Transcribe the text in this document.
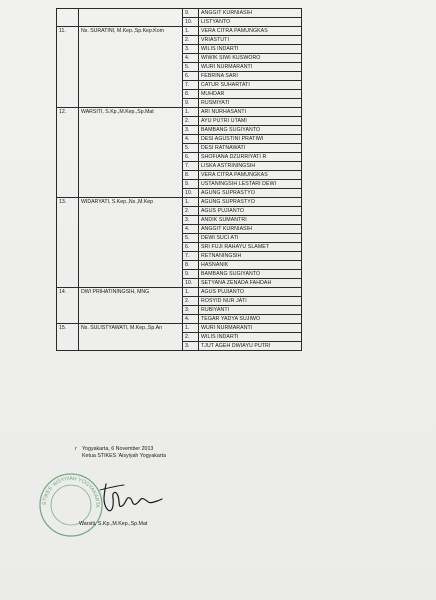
		9.	ANGGIT KURNIASIH
		10.	LISTYANTO
11.	Ns. SURATINI, M.Kep.,Sp.Kep.Kom	1.	VERA CITRA PAMUNGKAS
		2.	VRIASTUTI
		3.	WILIS INDARTI
		4.	WIWIK SIWI KUSWORO
		5.	WURI NURMARANTI
		6.	FEBRINA SARI
		7.	CATUR SUHARTATI
		8.	MUHDAR
		9.	RUSMIYATI
12.	WARSITI, S.Kp.,M.Kep.,Sp.Mat	1.	ARI NURHASANTI
		2.	AYU PUTRI UTAMI
		3.	BAMBANG SUGIYANTO
		4.	DESI AGUSTINI PRATIWI
		5.	DESI RATNAWATI
		6.	SHOFIANA DZURRIYATI R
		7.	LISKA ASTRININGSIH
		8.	VERA CITRA PAMUNGKAS
		9.	USTANINGSIH LESTARI DEWI
		10.	AGUNG SUPRASTYO
13.	WIDARYATI, S.Kep.,Ns.,M.Kep	1.	AGUNG SUPRASTYO
		2.	AGUS PUJIANTO
		3.	ANDIK SUMANTRI
		4.	ANGGIT KURNIASIH
		5.	DEWI SUCI ATI
		6.	SRI FUJI RAHAYU SLAMET
		7.	RETNANINGSIH
		8.	HASNANIK
		9.	BAMBANG SUGIYANTO
		10.	SETYANA ZENADA FAHDAH
14.	DWI PRIHATININGSIH, MNG	1.	AGUS PUJIANTO
		2.	ROSYID NUR JATI
		3.	RUBIYANTI
		4.	TEGAR YADYA SUJIWO
15.	Ns. SULISTYAWATI, M.Kep.,Sp.An	1.	WURI NURMARANTI
		2.	WILIS INDARTI
		3.	TJUT AGEH DWIAYU PUTRI
r Yogyakarta, 6 November 2013
Ketua STIKES 'Aisyiyah Yogyakarta
STIKES 'AISYIYAH YOGYAKARTA
Warsiti, S.Kp.,M.Kep.,Sp.Mat
